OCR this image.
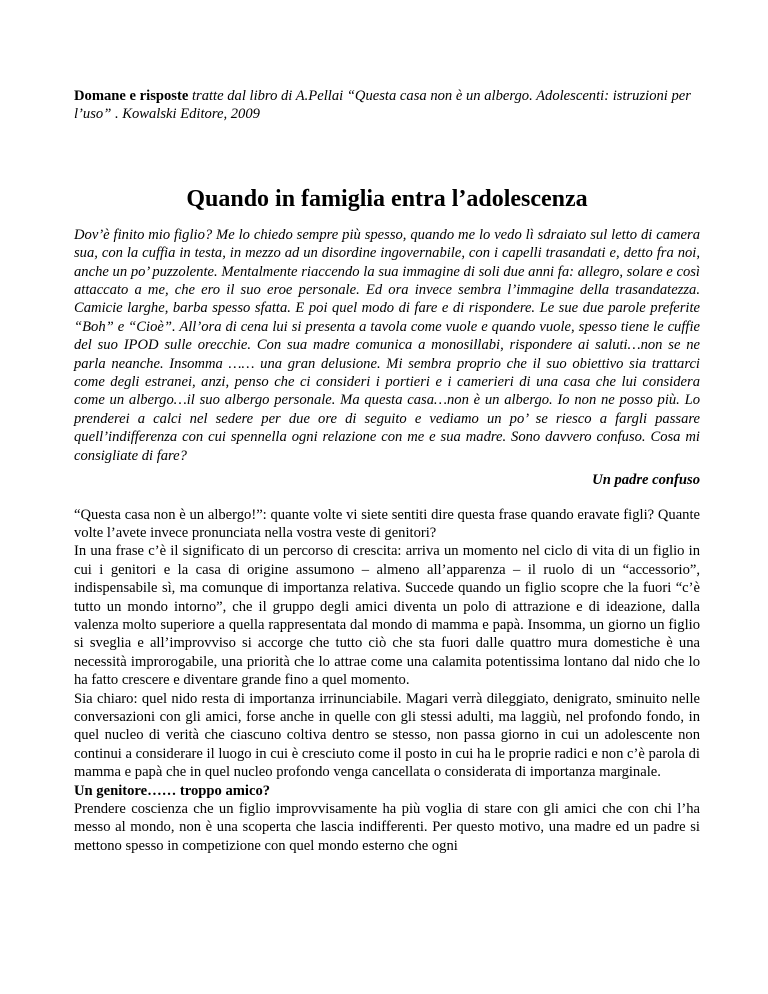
Domane e risposte tratte dal libro di A.Pellai “Questa casa non è un albergo. Adolescenti: istruzioni per l’uso” . Kowalski Editore, 2009

Quando in famiglia entra l’adolescenza

Dov’è finito mio figlio? Me lo chiedo sempre più spesso, quando me lo vedo lì sdraiato sul letto di camera sua, con la cuffia in testa, in mezzo ad un disordine ingovernabile, con i capelli trasandati e, detto fra noi, anche un po’ puzzolente. Mentalmente riaccendo la sua immagine di soli due anni fa: allegro, solare e così attaccato a me, che ero il suo eroe personale. Ed ora invece sembra l’immagine della trasandatezza. Camicie larghe, barba spesso sfatta. E poi quel modo di fare e di rispondere. Le sue due parole preferite “Boh” e “Cioè”. All’ora di cena lui si presenta a tavola come vuole e quando vuole, spesso tiene le cuffie del suo IPOD sulle orecchie. Con sua madre comunica a monosillabi, rispondere ai saluti…non se ne parla neanche. Insomma …… una gran delusione. Mi sembra proprio che il suo obiettivo sia trattarci come degli estranei, anzi, penso che ci consideri i portieri e i camerieri di una casa che lui considera come un albergo…il suo albergo personale. Ma questa casa…non è un albergo. Io non ne posso più. Lo prenderei a calci nel sedere per due ore di seguito e vediamo un po’ se riesco a fargli passare quell’indifferenza con cui spennella ogni relazione con me e sua madre. Sono davvero confuso. Cosa mi consigliate di fare?

Un padre confuso

“Questa casa non è un albergo!”: quante volte vi siete sentiti dire questa frase quando eravate figli? Quante volte l’avete invece pronunciata nella vostra veste di genitori?

In una frase c’è il significato di un percorso di crescita: arriva un momento nel ciclo di vita di un figlio in cui i genitori e la casa di origine assumono – almeno all’apparenza – il ruolo di un “accessorio”, indispensabile sì, ma comunque di importanza relativa. Succede quando un figlio scopre che la fuori “c’è tutto un mondo intorno”, che il gruppo degli amici diventa un polo di attrazione e di ideazione, dalla valenza molto superiore a quella rappresentata dal mondo di mamma e papà. Insomma, un giorno un figlio si sveglia e all’improvviso si accorge che tutto ciò che sta fuori dalle quattro mura domestiche è una necessità improrogabile, una priorità che lo attrae come una calamita potentissima lontano dal nido che lo ha fatto crescere e diventare grande fino a quel momento.

Sia chiaro: quel nido resta di importanza irrinunciabile. Magari verrà dileggiato, denigrato, sminuito nelle conversazioni con gli amici, forse anche in quelle con gli stessi adulti, ma laggiù, nel profondo fondo, in quel nucleo di verità che ciascuno coltiva dentro se stesso, non passa giorno in cui un adolescente non continui a considerare il luogo in cui è cresciuto come il posto in cui ha le proprie radici e non c’è parola di mamma e papà che in quel nucleo profondo venga cancellata o considerata di importanza marginale.

Un genitore…… troppo amico?

Prendere coscienza che un figlio improvvisamente ha più voglia di stare con gli amici che con chi l’ha messo al mondo, non è una scoperta che lascia indifferenti. Per questo motivo, una madre ed un padre si mettono spesso in competizione con quel mondo esterno che ogni
